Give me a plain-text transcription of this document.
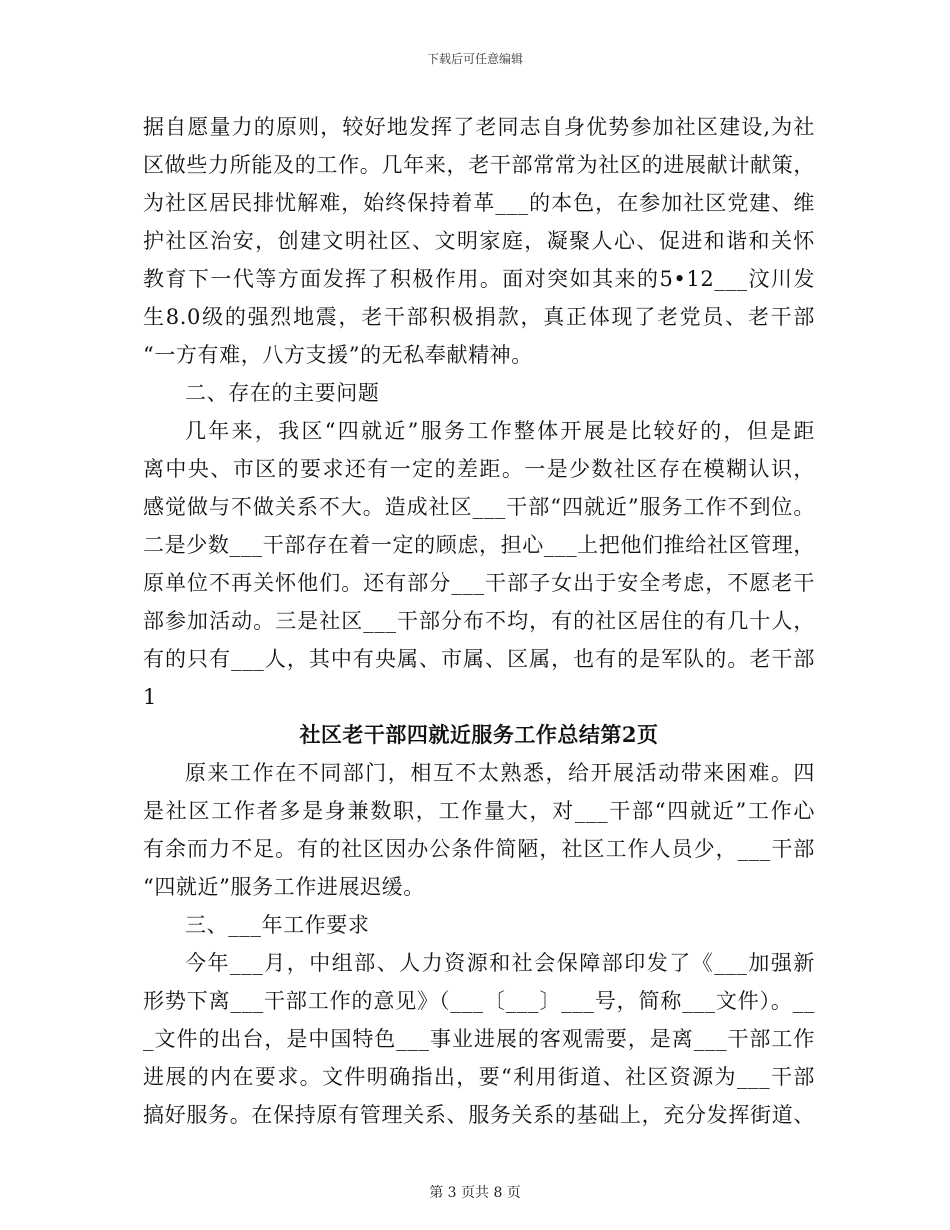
下载后可任意编辑
据自愿量力的原则，较好地发挥了老同志自身优势参加社区建设,为社
区做些力所能及的工作。几年来，老干部常常为社区的进展献计献策，
为社区居民排忧解难，始终保持着革___的本色，在参加社区党建、维
护社区治安，创建文明社区、文明家庭，凝聚人心、促进和谐和关怀
教育下一代等方面发挥了积极作用。面对突如其来的5•12___汶川发
生8.0级的强烈地震，老干部积极捐款，真正体现了老党员、老干部
“一方有难，八方支援”的无私奉献精神。
二、存在的主要问题
几年来，我区“四就近”服务工作整体开展是比较好的，但是距
离中央、市区的要求还有一定的差距。一是少数社区存在模糊认识，
感觉做与不做关系不大。造成社区___干部“四就近”服务工作不到位。
二是少数___干部存在着一定的顾虑，担心___上把他们推给社区管理，
原单位不再关怀他们。还有部分___干部子女出于安全考虑，不愿老干
部参加活动。三是社区___干部分布不均，有的社区居住的有几十人，
有的只有___人，其中有央属、市属、区属，也有的是军队的。老干部
1
社区老干部四就近服务工作总结第2页
原来工作在不同部门，相互不太熟悉，给开展活动带来困难。四
是社区工作者多是身兼数职，工作量大，对___干部“四就近”工作心
有余而力不足。有的社区因办公条件简陋，社区工作人员少，___干部
“四就近”服务工作进展迟缓。
三、___年工作要求
今年___月，中组部、人力资源和社会保障部印发了《___加强新
形势下离___干部工作的意见》（___〔___〕___号，简称___文件）。__
_文件的出台，是中国特色___事业进展的客观需要，是离___干部工作
进展的内在要求。文件明确指出，要“利用街道、社区资源为___干部
搞好服务。在保持原有管理关系、服务关系的基础上，充分发挥街道、
第 3 页共 8 页
